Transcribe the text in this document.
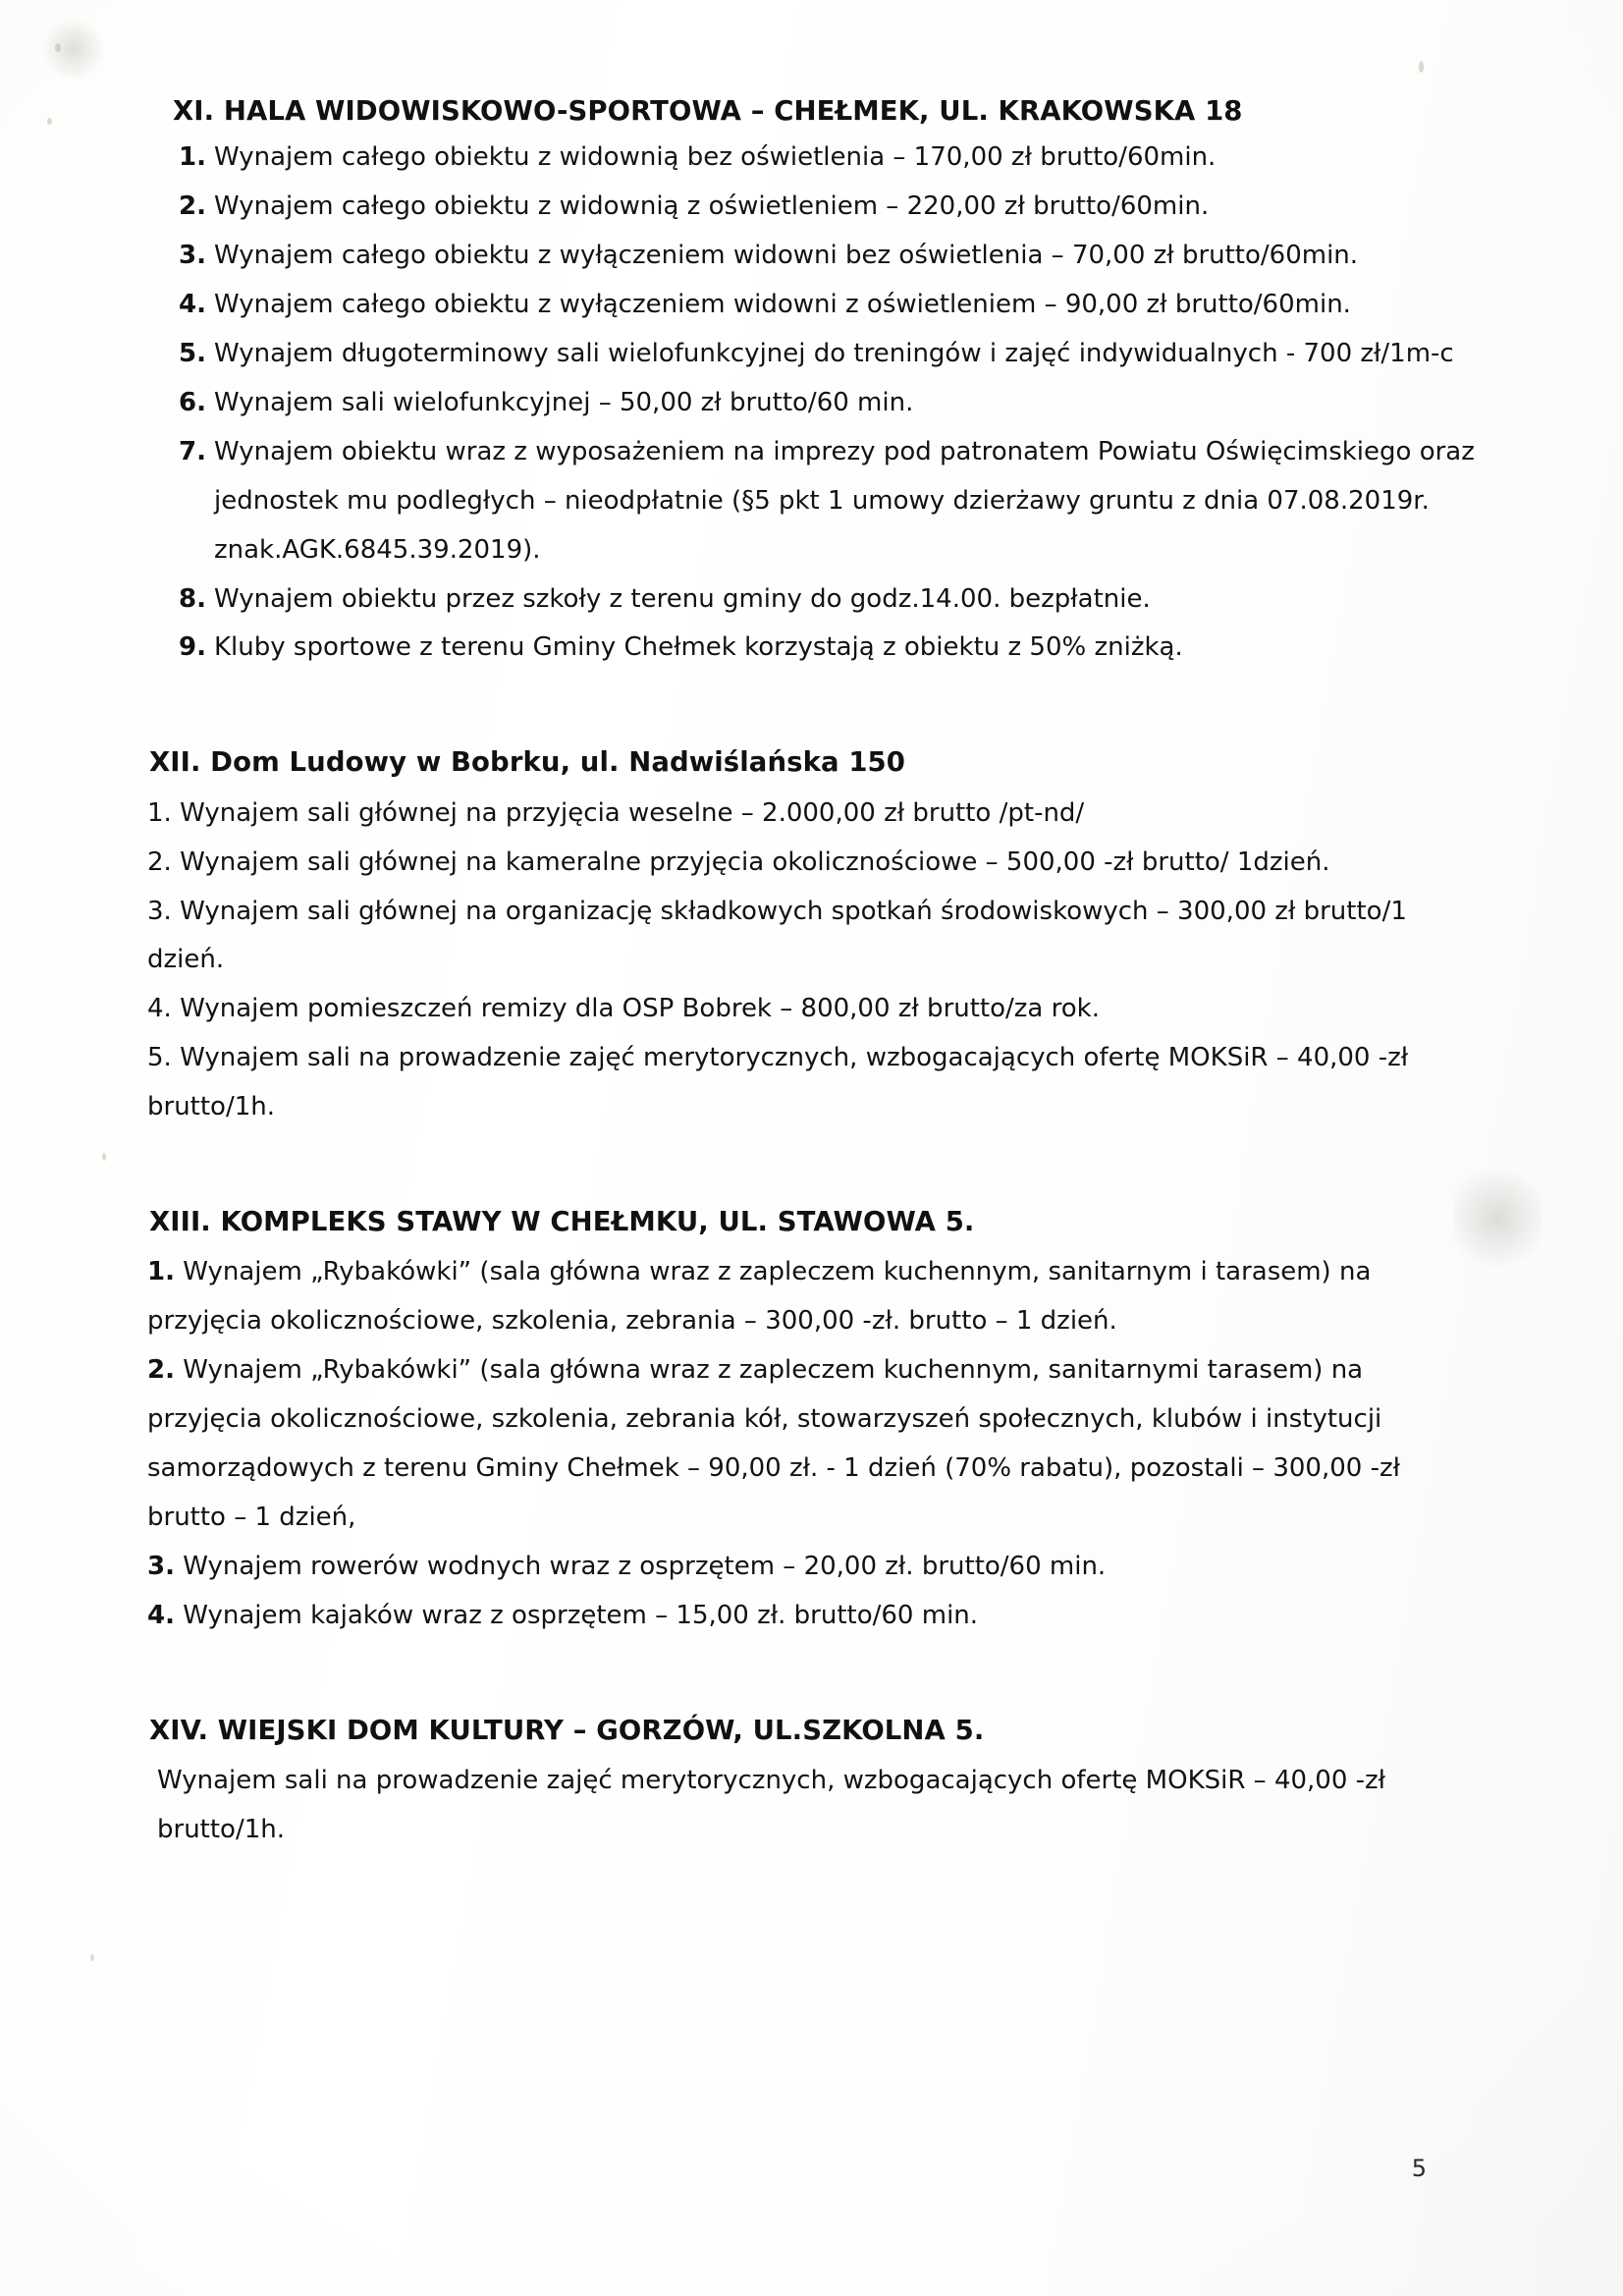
XI. HALA WIDOWISKOWO-SPORTOWA – CHEŁMEK, UL. KRAKOWSKA 18
1. Wynajem całego obiektu z widownią bez oświetlenia – 170,00 zł brutto/60min.
2. Wynajem całego obiektu z widownią z oświetleniem – 220,00 zł brutto/60min.
3. Wynajem całego obiektu z wyłączeniem widowni bez oświetlenia – 70,00 zł brutto/60min.
4. Wynajem całego obiektu z wyłączeniem widowni z oświetleniem – 90,00 zł brutto/60min.
5. Wynajem długoterminowy sali wielofunkcyjnej do treningów i zajęć indywidualnych - 700 zł/1m-c
6. Wynajem sali wielofunkcyjnej – 50,00 zł brutto/60 min.
7. Wynajem obiektu wraz z wyposażeniem na imprezy pod patronatem Powiatu Oświęcimskiego oraz jednostek mu podległych – nieodpłatnie (§5 pkt 1 umowy dzierżawy gruntu z dnia 07.08.2019r. znak.AGK.6845.39.2019).
8. Wynajem obiektu przez szkoły z terenu gminy do godz.14.00. bezpłatnie.
9. Kluby sportowe z terenu Gminy Chełmek korzystają z obiektu z 50% zniżką.
XII. Dom Ludowy w Bobrku, ul. Nadwiślańska 150

1. Wynajem sali głównej na przyjęcia weselne – 2.000,00 zł brutto /pt-nd/

2. Wynajem sali głównej na kameralne przyjęcia okolicznościowe – 500,00 -zł brutto/ 1dzień.

3. Wynajem sali głównej na organizację składkowych spotkań środowiskowych – 300,00 zł brutto/1 dzień.

4. Wynajem pomieszczeń remizy dla OSP Bobrek – 800,00 zł brutto/za rok.

5. Wynajem sali na prowadzenie zajęć merytorycznych, wzbogacających ofertę MOKSiR – 40,00 -zł brutto/1h.

XIII. KOMPLEKS STAWY W CHEŁMKU, UL. STAWOWA 5.

1. Wynajem „Rybakówki” (sala główna wraz z zapleczem kuchennym, sanitarnym i tarasem) na przyjęcia okolicznościowe, szkolenia, zebrania – 300,00 -zł. brutto – 1 dzień.

2. Wynajem „Rybakówki” (sala główna wraz z zapleczem kuchennym, sanitarnymi tarasem) na przyjęcia okolicznościowe, szkolenia, zebrania kół, stowarzyszeń społecznych, klubów i instytucji samorządowych z terenu Gminy Chełmek – 90,00 zł. - 1 dzień (70% rabatu), pozostali – 300,00 -zł brutto – 1 dzień,

3. Wynajem rowerów wodnych wraz z osprzętem – 20,00 zł. brutto/60 min.

4. Wynajem kajaków wraz z osprzętem – 15,00 zł. brutto/60 min.

XIV. WIEJSKI DOM KULTURY – GORZÓW, UL.SZKOLNA 5.

Wynajem sali na prowadzenie zajęć merytorycznych, wzbogacających ofertę MOKSiR – 40,00 -zł brutto/1h.

5
